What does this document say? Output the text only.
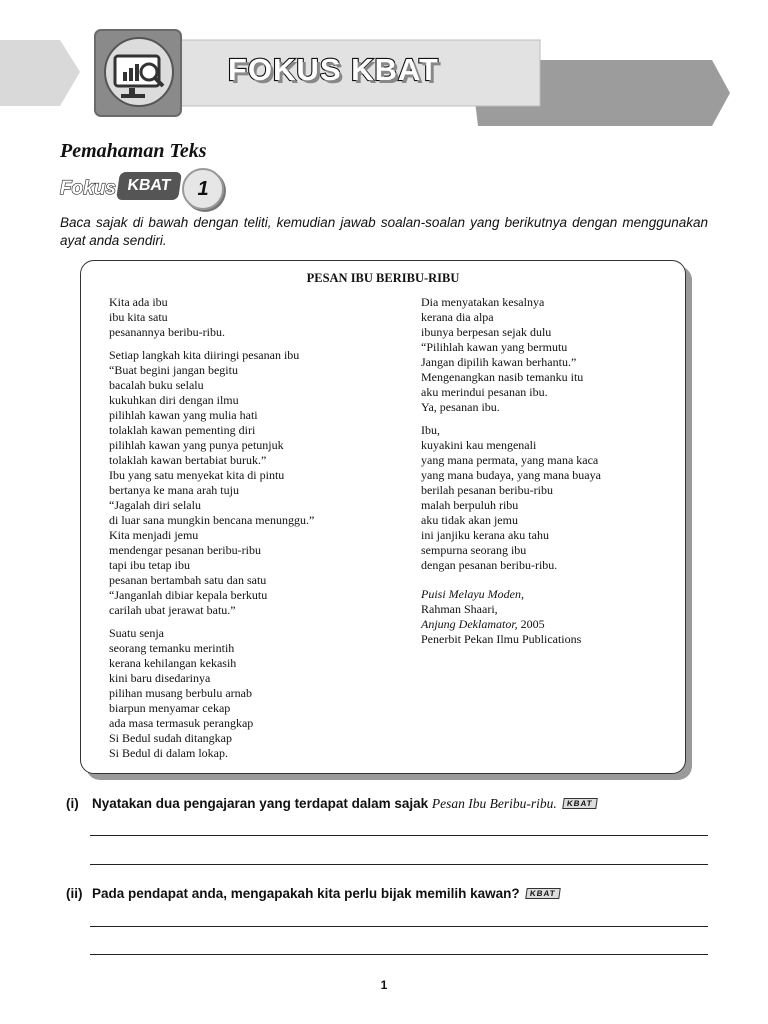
FOKUS KBAT
Pemahaman Teks
Fokus KBAT	1
Baca sajak di bawah dengan teliti, kemudian jawab soalan-soalan yang berikutnya dengan menggunakan ayat anda sendiri.
PESAN IBU BERIBU-RIBU
Kita ada ibu
ibu kita satu
pesanannya beribu-ribu.
Setiap langkah kita diiringi pesanan ibu
“Buat begini jangan begitu
bacalah buku selalu
kukuhkan diri dengan ilmu
pilihlah kawan yang mulia hati
tolaklah kawan pementing diri
pilihlah kawan yang punya petunjuk
tolaklah kawan bertabiat buruk.”
Ibu yang satu menyekat kita di pintu
bertanya ke mana arah tuju
“Jagalah diri selalu
di luar sana mungkin bencana menunggu.”
Kita menjadi jemu
mendengar pesanan beribu-ribu
tapi ibu tetap ibu
pesanan bertambah satu dan satu
“Janganlah dibiar kepala berkutu
carilah ubat jerawat batu.”
Suatu senja
seorang temanku merintih
kerana kehilangan kekasih
kini baru disedarinya
pilihan musang berbulu arnab
biarpun menyamar cekap
ada masa termasuk perangkap
Si Bedul sudah ditangkap
Si Bedul di dalam lokap.
Dia menyatakan kesalnya
kerana dia alpa
ibunya berpesan sejak dulu
“Pilihlah kawan yang bermutu
Jangan dipilih kawan berhantu.”
Mengenangkan nasib temanku itu
aku merindui pesanan ibu.
Ya, pesanan ibu.
Ibu,
kuyakini kau mengenali
yang mana permata, yang mana kaca
yang mana budaya, yang mana buaya
berilah pesanan beribu-ribu
malah berpuluh ribu
aku tidak akan jemu
ini janjiku kerana aku tahu
sempurna seorang ibu
dengan pesanan beribu-ribu.
Puisi Melayu Moden,
Rahman Shaari,
Anjung Deklamator, 2005
Penerbit Pekan Ilmu Publications
(i) Nyatakan dua pengajaran yang terdapat dalam sajak Pesan Ibu Beribu-ribu. KBAT
(ii) Pada pendapat anda, mengapakah kita perlu bijak memilih kawan? KBAT
1
